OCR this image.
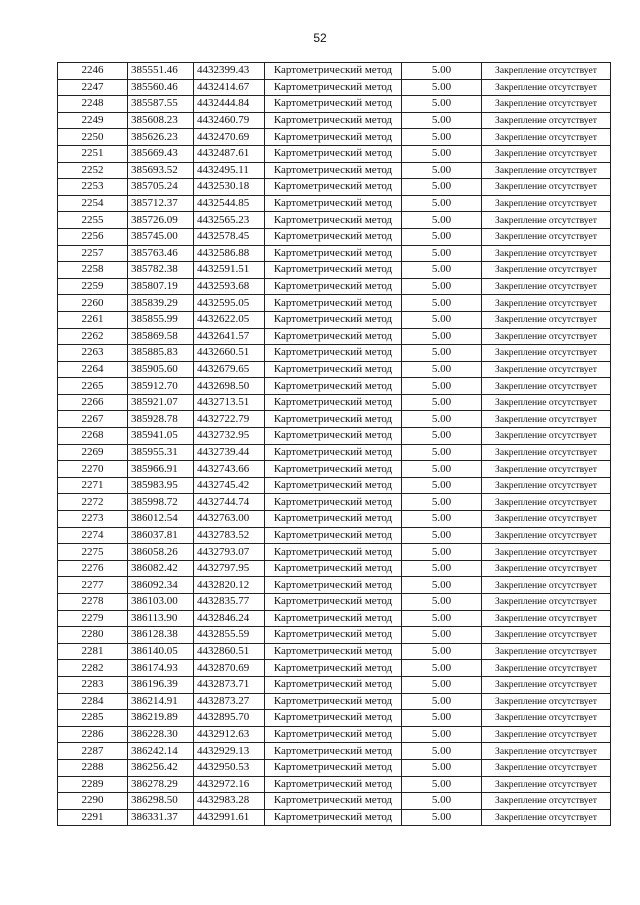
52
2246	385551.46	4432399.43	Картометрический метод	5.00	Закрепление отсутствует
2247	385560.46	4432414.67	Картометрический метод	5.00	Закрепление отсутствует
2248	385587.55	4432444.84	Картометрический метод	5.00	Закрепление отсутствует
2249	385608.23	4432460.79	Картометрический метод	5.00	Закрепление отсутствует
2250	385626.23	4432470.69	Картометрический метод	5.00	Закрепление отсутствует
2251	385669.43	4432487.61	Картометрический метод	5.00	Закрепление отсутствует
2252	385693.52	4432495.11	Картометрический метод	5.00	Закрепление отсутствует
2253	385705.24	4432530.18	Картометрический метод	5.00	Закрепление отсутствует
2254	385712.37	4432544.85	Картометрический метод	5.00	Закрепление отсутствует
2255	385726.09	4432565.23	Картометрический метод	5.00	Закрепление отсутствует
2256	385745.00	4432578.45	Картометрический метод	5.00	Закрепление отсутствует
2257	385763.46	4432586.88	Картометрический метод	5.00	Закрепление отсутствует
2258	385782.38	4432591.51	Картометрический метод	5.00	Закрепление отсутствует
2259	385807.19	4432593.68	Картометрический метод	5.00	Закрепление отсутствует
2260	385839.29	4432595.05	Картометрический метод	5.00	Закрепление отсутствует
2261	385855.99	4432622.05	Картометрический метод	5.00	Закрепление отсутствует
2262	385869.58	4432641.57	Картометрический метод	5.00	Закрепление отсутствует
2263	385885.83	4432660.51	Картометрический метод	5.00	Закрепление отсутствует
2264	385905.60	4432679.65	Картометрический метод	5.00	Закрепление отсутствует
2265	385912.70	4432698.50	Картометрический метод	5.00	Закрепление отсутствует
2266	385921.07	4432713.51	Картометрический метод	5.00	Закрепление отсутствует
2267	385928.78	4432722.79	Картометрический метод	5.00	Закрепление отсутствует
2268	385941.05	4432732.95	Картометрический метод	5.00	Закрепление отсутствует
2269	385955.31	4432739.44	Картометрический метод	5.00	Закрепление отсутствует
2270	385966.91	4432743.66	Картометрический метод	5.00	Закрепление отсутствует
2271	385983.95	4432745.42	Картометрический метод	5.00	Закрепление отсутствует
2272	385998.72	4432744.74	Картометрический метод	5.00	Закрепление отсутствует
2273	386012.54	4432763.00	Картометрический метод	5.00	Закрепление отсутствует
2274	386037.81	4432783.52	Картометрический метод	5.00	Закрепление отсутствует
2275	386058.26	4432793.07	Картометрический метод	5.00	Закрепление отсутствует
2276	386082.42	4432797.95	Картометрический метод	5.00	Закрепление отсутствует
2277	386092.34	4432820.12	Картометрический метод	5.00	Закрепление отсутствует
2278	386103.00	4432835.77	Картометрический метод	5.00	Закрепление отсутствует
2279	386113.90	4432846.24	Картометрический метод	5.00	Закрепление отсутствует
2280	386128.38	4432855.59	Картометрический метод	5.00	Закрепление отсутствует
2281	386140.05	4432860.51	Картометрический метод	5.00	Закрепление отсутствует
2282	386174.93	4432870.69	Картометрический метод	5.00	Закрепление отсутствует
2283	386196.39	4432873.71	Картометрический метод	5.00	Закрепление отсутствует
2284	386214.91	4432873.27	Картометрический метод	5.00	Закрепление отсутствует
2285	386219.89	4432895.70	Картометрический метод	5.00	Закрепление отсутствует
2286	386228.30	4432912.63	Картометрический метод	5.00	Закрепление отсутствует
2287	386242.14	4432929.13	Картометрический метод	5.00	Закрепление отсутствует
2288	386256.42	4432950.53	Картометрический метод	5.00	Закрепление отсутствует
2289	386278.29	4432972.16	Картометрический метод	5.00	Закрепление отсутствует
2290	386298.50	4432983.28	Картометрический метод	5.00	Закрепление отсутствует
2291	386331.37	4432991.61	Картометрический метод	5.00	Закрепление отсутствует
